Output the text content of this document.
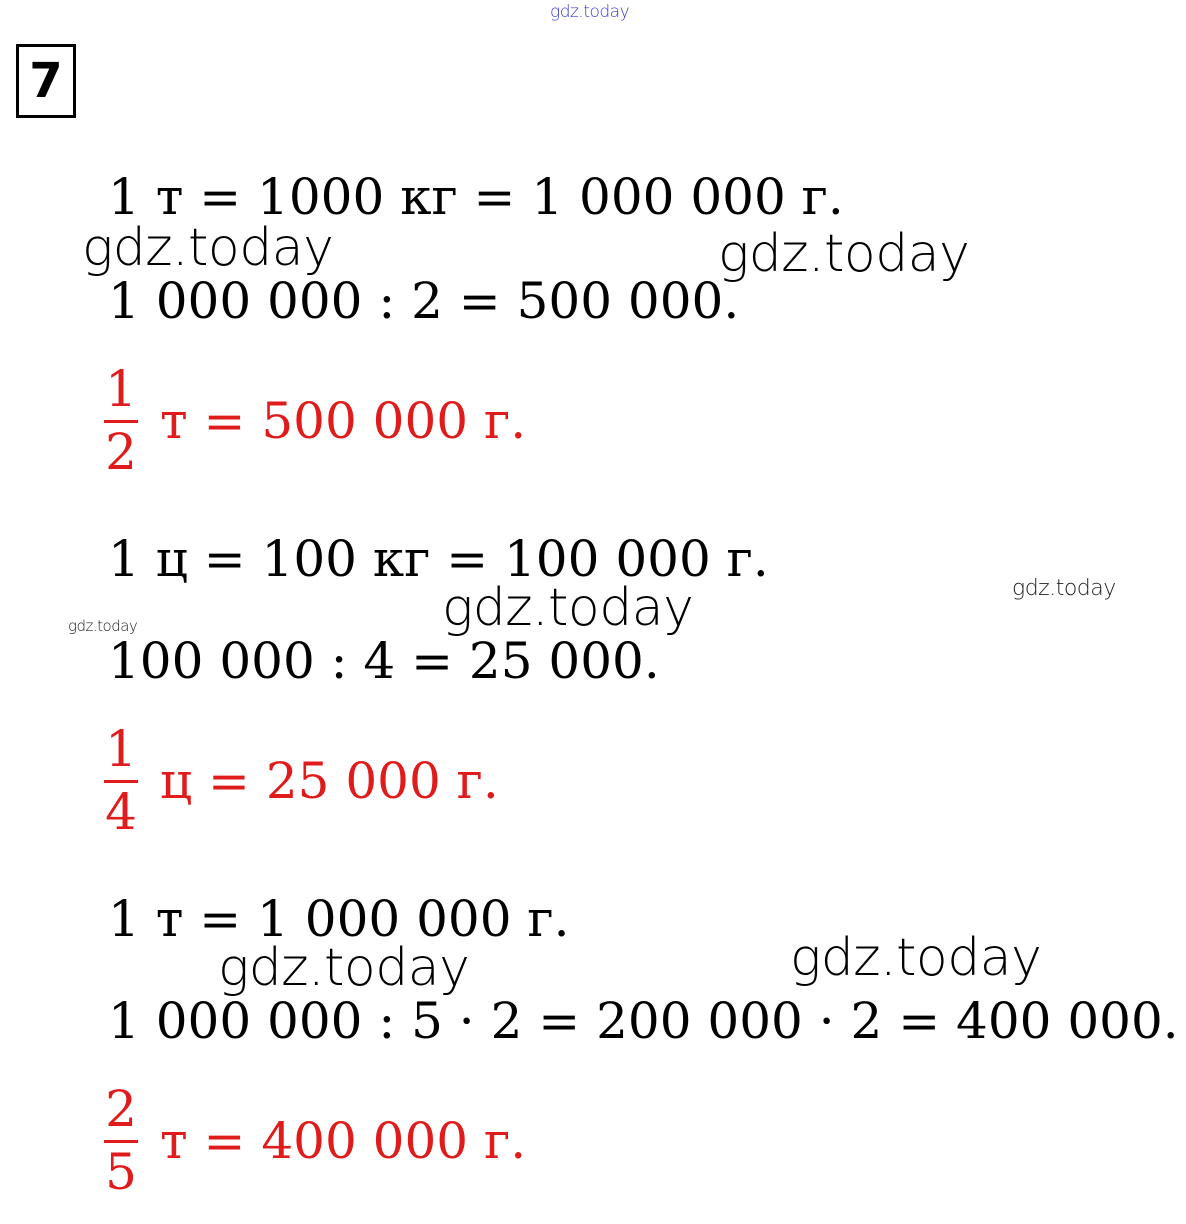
gdz.today
7
1 т = 1000 кг = 1 000 000 г.
1 000 000 : 2 = 500 000.
$\frac{1}{2}$ т = 500 000 г.
1 ц = 100 кг = 100 000 г.
100 000 : 4 = 25 000.
$\frac{1}{4}$ ц = 25 000 г.
1 т = 1 000 000 г.
1 000 000 : 5 · 2 = 200 000 · 2 = 400 000.
$\frac{2}{5}$ т = 400 000 г.
gdz.today	gdz.today
gdz.today
gdz.today
gdz.today
gdz.today	gdz.today
